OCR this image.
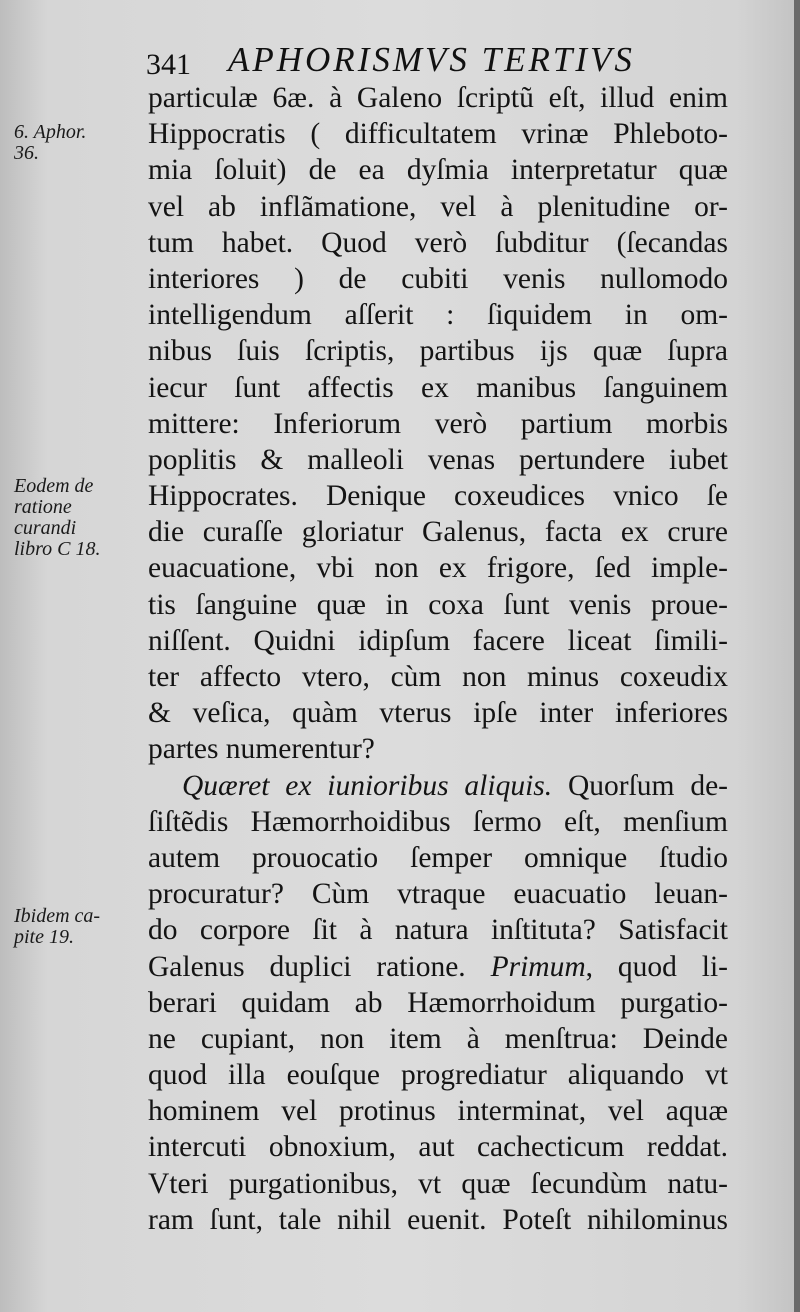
341 APHORISMVS TERTIVS
6. Aphor.
36.
Eodem de
ratione
curandi
libro C 18.
Ibidem ca-
pite 19.
particulæ 6æ. à Galeno ſcriptũ eſt, illud enim
Hippocratis ( difficultatem vrinæ Phleboto-
mia ſoluit) de ea dyſmia interpretatur quæ
vel ab inflãmatione, vel à plenitudine or-
tum habet. Quod verò ſubditur (ſecandas
interiores ) de cubiti venis nullomodo
intelligendum aſſerit : ſiquidem in om-
nibus ſuis ſcriptis, partibus ijs quæ ſupra
iecur ſunt affectis ex manibus ſanguinem
mittere: Inferiorum verò partium morbis
poplitis & malleoli venas pertundere iubet
Hippocrates. Denique coxeudices vnico ſe
die curaſſe gloriatur Galenus, facta ex crure
euacuatione, vbi non ex frigore, ſed imple-
tis ſanguine quæ in coxa ſunt venis proue-
niſſent. Quidni idipſum facere liceat ſimili-
ter affecto vtero, cùm non minus coxeudix
& veſica, quàm vterus ipſe inter inferiores
partes numerentur?
Quæret ex iunioribus aliquis. Quorſum de-
ſiſtẽdis Hæmorrhoidibus ſermo eſt, menſium
autem prouocatio ſemper omnique ſtudio
procuratur? Cùm vtraque euacuatio leuan-
do corpore ſit à natura inſtituta? Satisfacit
Galenus duplici ratione. Primum, quod li-
berari quidam ab Hæmorrhoidum purgatio-
ne cupiant, non item à menſtrua: Deinde
quod illa eouſque progrediatur aliquando vt
hominem vel protinus interminat, vel aquæ
intercuti obnoxium, aut cachecticum reddat.
Vteri purgationibus, vt quæ ſecundùm natu-
ram ſunt, tale nihil euenit. Poteſt nihilominus
